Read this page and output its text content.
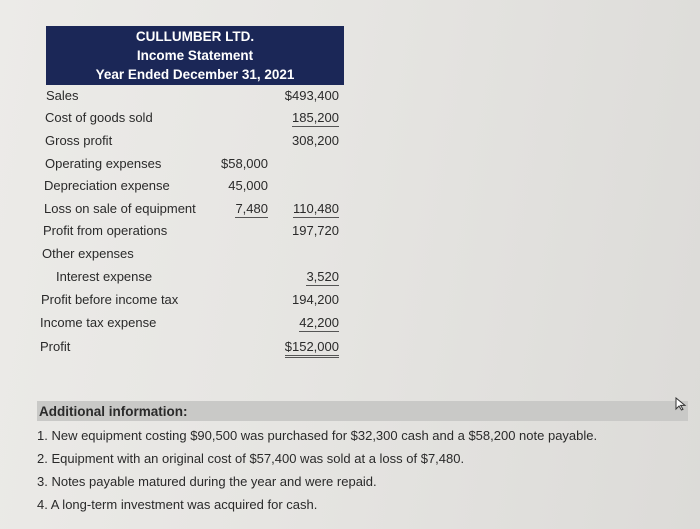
CULLUMBER LTD.
Income Statement
Year Ended December 31, 2021
Sales	$493,400
Cost of goods sold	185,200
Gross profit	308,200
Operating expenses	$58,000
Depreciation expense	45,000
Loss on sale of equipment	7,480 110,480
Profit from operations	197,720
Other expenses
Interest expense	3,520
Profit before income tax	194,200
Income tax expense	42,200
Profit	$152,000
Additional information:
1. New equipment costing $90,500 was purchased for $32,300 cash and a $58,200 note payable.
2. Equipment with an original cost of $57,400 was sold at a loss of $7,480.
3. Notes payable matured during the year and were repaid.
4. A long-term investment was acquired for cash.
